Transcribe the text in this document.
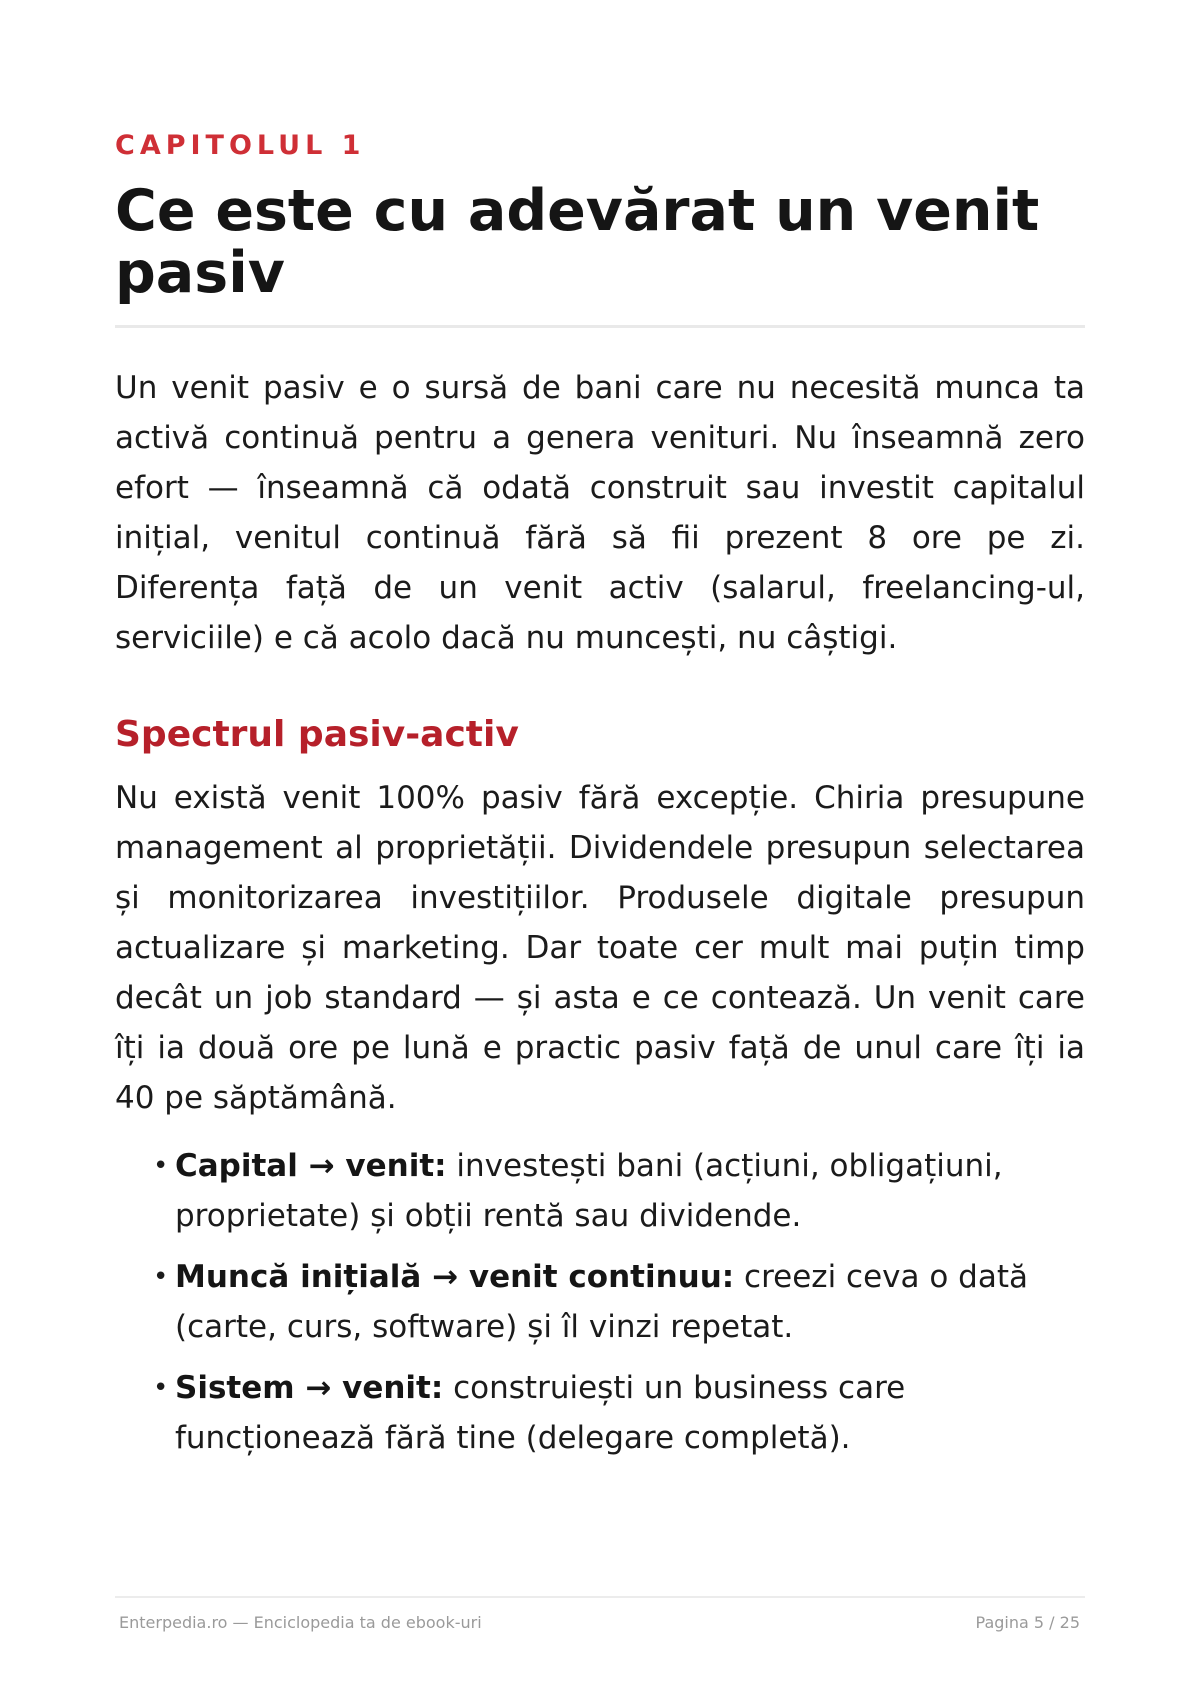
CAPITOLUL 1
Ce este cu adevărat un venit pasiv

Un venit pasiv e o sursă de bani care nu necesită munca ta activă continuă pentru a genera venituri. Nu înseamnă zero efort — înseamnă că odată construit sau investit capitalul inițial, venitul continuă fără să fii prezent 8 ore pe zi. Diferența față de un venit activ (salarul, freelancing-ul, serviciile) e că acolo dacă nu muncești, nu câștigi.

Spectrul pasiv-activ

Nu există venit 100% pasiv fără excepție. Chiria presupune management al proprietății. Dividendele presupun selectarea și monitorizarea investițiilor. Produsele digitale presupun actualizare și marketing. Dar toate cer mult mai puțin timp decât un job standard — și asta e ce contează. Un venit care îți ia două ore pe lună e practic pasiv față de unul care îți ia 40 pe săptămână.

• Capital → venit: investești bani (acțiuni, obligațiuni, proprietate) și obții rentă sau dividende.
• Muncă inițială → venit continuu: creezi ceva o dată (carte, curs, software) și îl vinzi repetat.
• Sistem → venit: construiești un business care funcționează fără tine (delegare completă).
Enterpedia.ro — Enciclopedia ta de ebook-uri	Pagina 5 / 25
